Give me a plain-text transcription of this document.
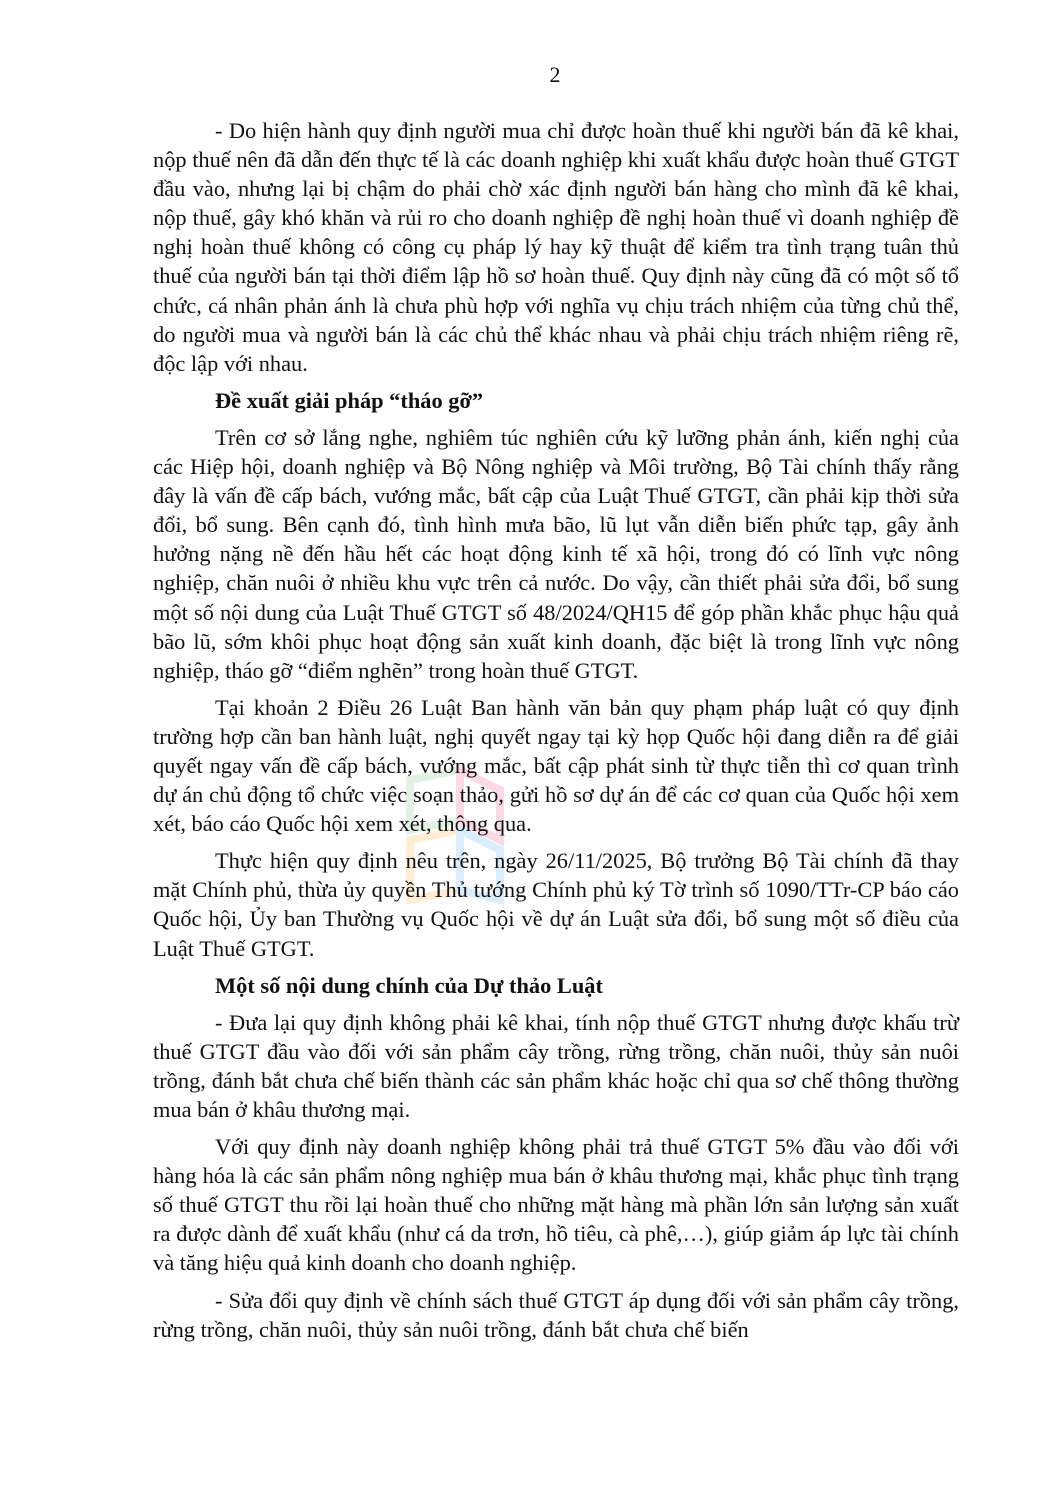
2

- Do hiện hành quy định người mua chỉ được hoàn thuế khi người bán đã kê khai, nộp thuế nên đã dẫn đến thực tế là các doanh nghiệp khi xuất khẩu được hoàn thuế GTGT đầu vào, nhưng lại bị chậm do phải chờ xác định người bán hàng cho mình đã kê khai, nộp thuế, gây khó khăn và rủi ro cho doanh nghiệp đề nghị hoàn thuế vì doanh nghiệp đề nghị hoàn thuế không có công cụ pháp lý hay kỹ thuật để kiểm tra tình trạng tuân thủ thuế của người bán tại thời điểm lập hồ sơ hoàn thuế. Quy định này cũng đã có một số tổ chức, cá nhân phản ánh là chưa phù hợp với nghĩa vụ chịu trách nhiệm của từng chủ thể, do người mua và người bán là các chủ thể khác nhau và phải chịu trách nhiệm riêng rẽ, độc lập với nhau.

Đề xuất giải pháp “tháo gỡ”

Trên cơ sở lắng nghe, nghiêm túc nghiên cứu kỹ lưỡng phản ánh, kiến nghị của các Hiệp hội, doanh nghiệp và Bộ Nông nghiệp và Môi trường, Bộ Tài chính thấy rằng đây là vấn đề cấp bách, vướng mắc, bất cập của Luật Thuế GTGT, cần phải kịp thời sửa đổi, bổ sung. Bên cạnh đó, tình hình mưa bão, lũ lụt vẫn diễn biến phức tạp, gây ảnh hưởng nặng nề đến hầu hết các hoạt động kinh tế xã hội, trong đó có lĩnh vực nông nghiệp, chăn nuôi ở nhiều khu vực trên cả nước. Do vậy, cần thiết phải sửa đổi, bổ sung một số nội dung của Luật Thuế GTGT số 48/2024/QH15 để góp phần khắc phục hậu quả bão lũ, sớm khôi phục hoạt động sản xuất kinh doanh, đặc biệt là trong lĩnh vực nông nghiệp, tháo gỡ “điểm nghẽn” trong hoàn thuế GTGT.

Tại khoản 2 Điều 26 Luật Ban hành văn bản quy phạm pháp luật có quy định trường hợp cần ban hành luật, nghị quyết ngay tại kỳ họp Quốc hội đang diễn ra để giải quyết ngay vấn đề cấp bách, vướng mắc, bất cập phát sinh từ thực tiễn thì cơ quan trình dự án chủ động tổ chức việc soạn thảo, gửi hồ sơ dự án để các cơ quan của Quốc hội xem xét, báo cáo Quốc hội xem xét, thông qua.

Thực hiện quy định nêu trên, ngày 26/11/2025, Bộ trưởng Bộ Tài chính đã thay mặt Chính phủ, thừa ủy quyền Thủ tướng Chính phủ ký Tờ trình số 1090/TTr-CP báo cáo Quốc hội, Ủy ban Thường vụ Quốc hội về dự án Luật sửa đổi, bổ sung một số điều của Luật Thuế GTGT.

Một số nội dung chính của Dự thảo Luật

- Đưa lại quy định không phải kê khai, tính nộp thuế GTGT nhưng được khấu trừ thuế GTGT đầu vào đối với sản phẩm cây trồng, rừng trồng, chăn nuôi, thủy sản nuôi trồng, đánh bắt chưa chế biến thành các sản phẩm khác hoặc chỉ qua sơ chế thông thường mua bán ở khâu thương mại.

Với quy định này doanh nghiệp không phải trả thuế GTGT 5% đầu vào đối với hàng hóa là các sản phẩm nông nghiệp mua bán ở khâu thương mại, khắc phục tình trạng số thuế GTGT thu rồi lại hoàn thuế cho những mặt hàng mà phần lớn sản lượng sản xuất ra được dành để xuất khẩu (như cá da trơn, hồ tiêu, cà phê,…), giúp giảm áp lực tài chính và tăng hiệu quả kinh doanh cho doanh nghiệp.

- Sửa đổi quy định về chính sách thuế GTGT áp dụng đối với sản phẩm cây trồng, rừng trồng, chăn nuôi, thủy sản nuôi trồng, đánh bắt chưa chế biến
